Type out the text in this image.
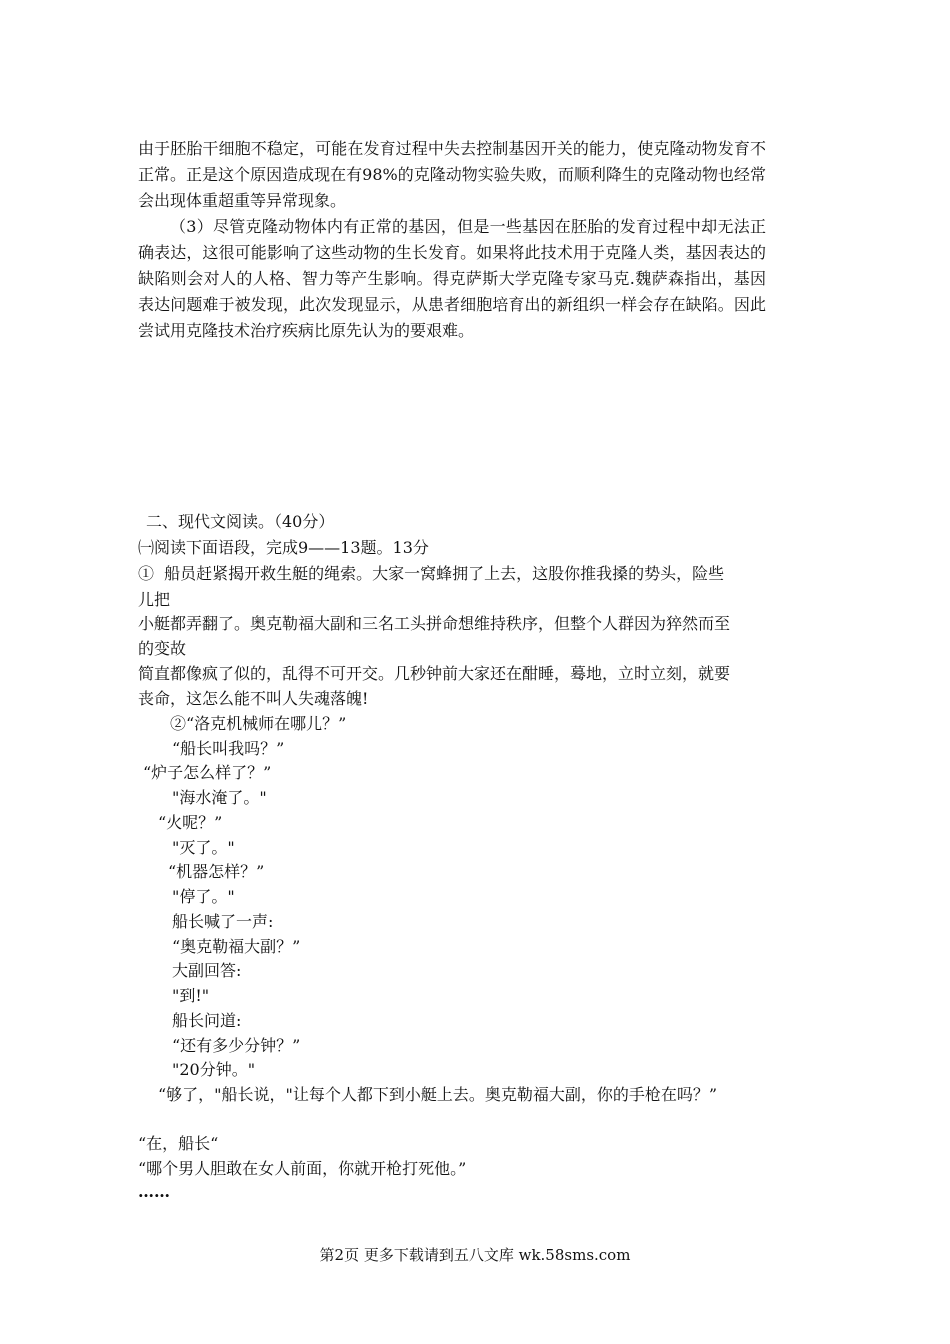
由于胚胎干细胞不稳定，可能在发育过程中失去控制基因开关的能力，使克隆动物发育不正常。正是这个原因造成现在有98%的克隆动物实验失败，而顺利降生的克隆动物也经常会出现体重超重等异常现象。
（3）尽管克隆动物体内有正常的基因，但是一些基因在胚胎的发育过程中却无法正确表达，这很可能影响了这些动物的生长发育。如果将此技术用于克隆人类，基因表达的缺陷则会对人的人格、智力等产生影响。得克萨斯大学克隆专家马克.魏萨森指出，基因表达问题难于被发现，此次发现显示，从患者细胞培育出的新组织一样会存在缺陷。因此尝试用克隆技术治疗疾病比原先认为的要艰难。
二、现代文阅读。（40分）
㈠阅读下面语段，完成9——13题。13分
①  船员赶紧揭开救生艇的绳索。大家一窝蜂拥了上去，这股你推我搡的势头，险些
儿把
小艇都弄翻了。奥克勒福大副和三名工头拼命想维持秩序，但整个人群因为猝然而至
的变故
简直都像疯了似的，乱得不可开交。几秒钟前大家还在酣睡，蓦地，立时立刻，就要
丧命，这怎么能不叫人失魂落魄!
②“洛克机械师在哪儿？”
“船长叫我吗？”
“炉子怎么样了？”
"海水淹了。"
“火呢？”
"灭了。"
“机器怎样？”
"停了。"
船长喊了一声:
“奥克勒福大副？”
大副回答:
"到!"
船长问道:
“还有多少分钟？”
"20分钟。"
“够了，"船长说，"让每个人都下到小艇上去。奥克勒福大副，你的手枪在吗？”
“在，船长“
“哪个男人胆敢在女人前面，你就开枪打死他。”
……
第2页 更多下载请到五八文库 wk.58sms.com
